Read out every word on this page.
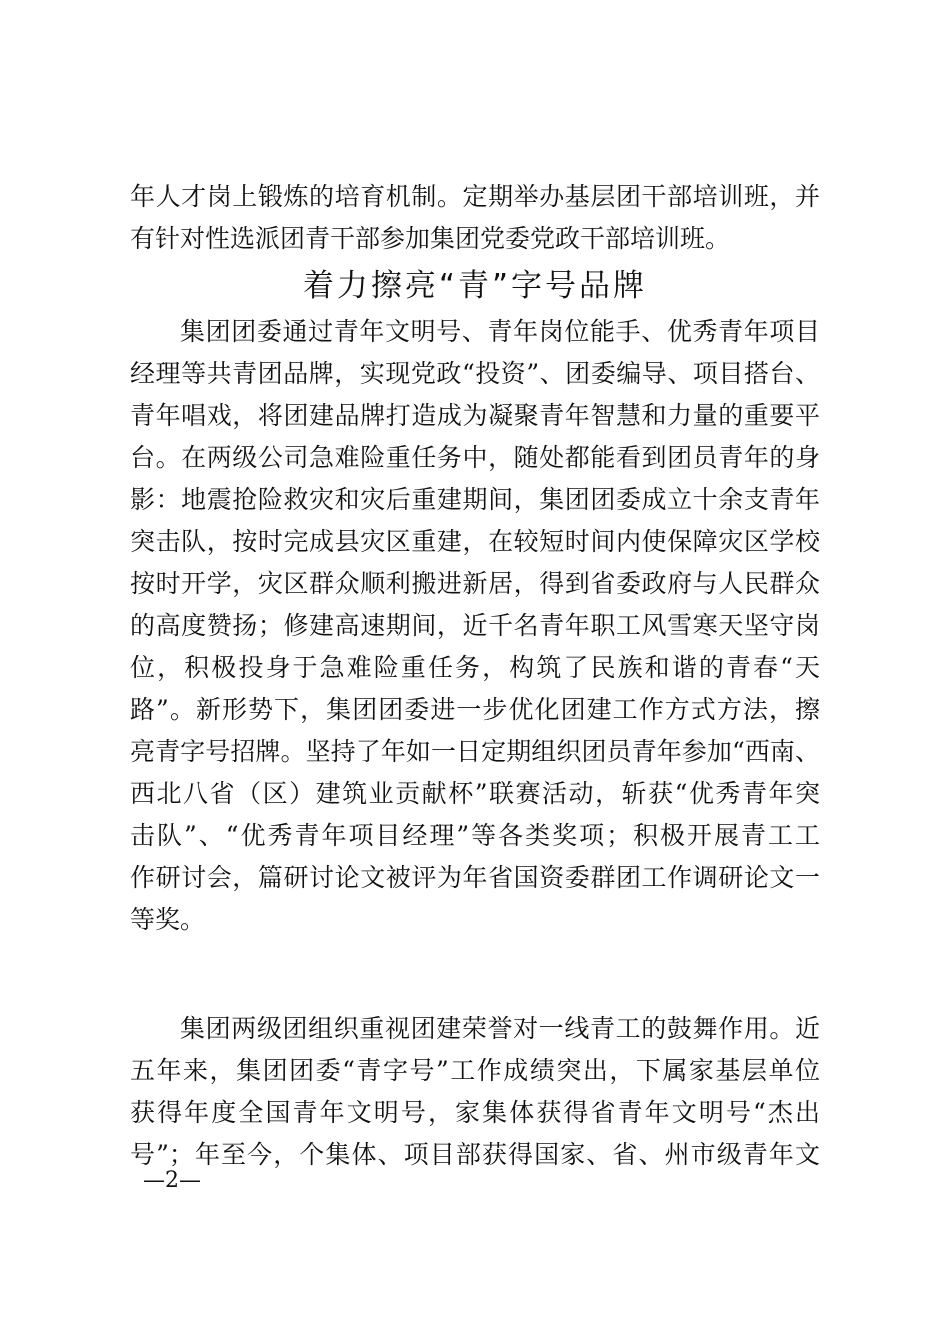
年人才岗上锻炼的培育机制。定期举办基层团干部培训班，并
有针对性选派团青干部参加集团党委党政干部培训班。
着力擦亮“青”字号品牌
集团团委通过青年文明号、青年岗位能手、优秀青年项目
经理等共青团品牌，实现党政“投资”、团委编导、项目搭台、
青年唱戏，将团建品牌打造成为凝聚青年智慧和力量的重要平
台。在两级公司急难险重任务中，随处都能看到团员青年的身
影：地震抢险救灾和灾后重建期间，集团团委成立十余支青年
突击队，按时完成县灾区重建，在较短时间内使保障灾区学校
按时开学，灾区群众顺利搬进新居，得到省委政府与人民群众
的高度赞扬；修建高速期间，近千名青年职工风雪寒天坚守岗
位，积极投身于急难险重任务，构筑了民族和谐的青春“天
路”。新形势下，集团团委进一步优化团建工作方式方法，擦
亮青字号招牌。坚持了年如一日定期组织团员青年参加“西南、
西北八省（区）建筑业贡献杯”联赛活动，斩获“优秀青年突
击队”、“优秀青年项目经理”等各类奖项；积极开展青工工
作研讨会，篇研讨论文被评为年省国资委群团工作调研论文一
等奖。
集团两级团组织重视团建荣誉对一线青工的鼓舞作用。近
五年来，集团团委“青字号”工作成绩突出，下属家基层单位
获得年度全国青年文明号，家集体获得省青年文明号“杰出
号”；年至今，个集体、项目部获得国家、省、州市级青年文
—2—
